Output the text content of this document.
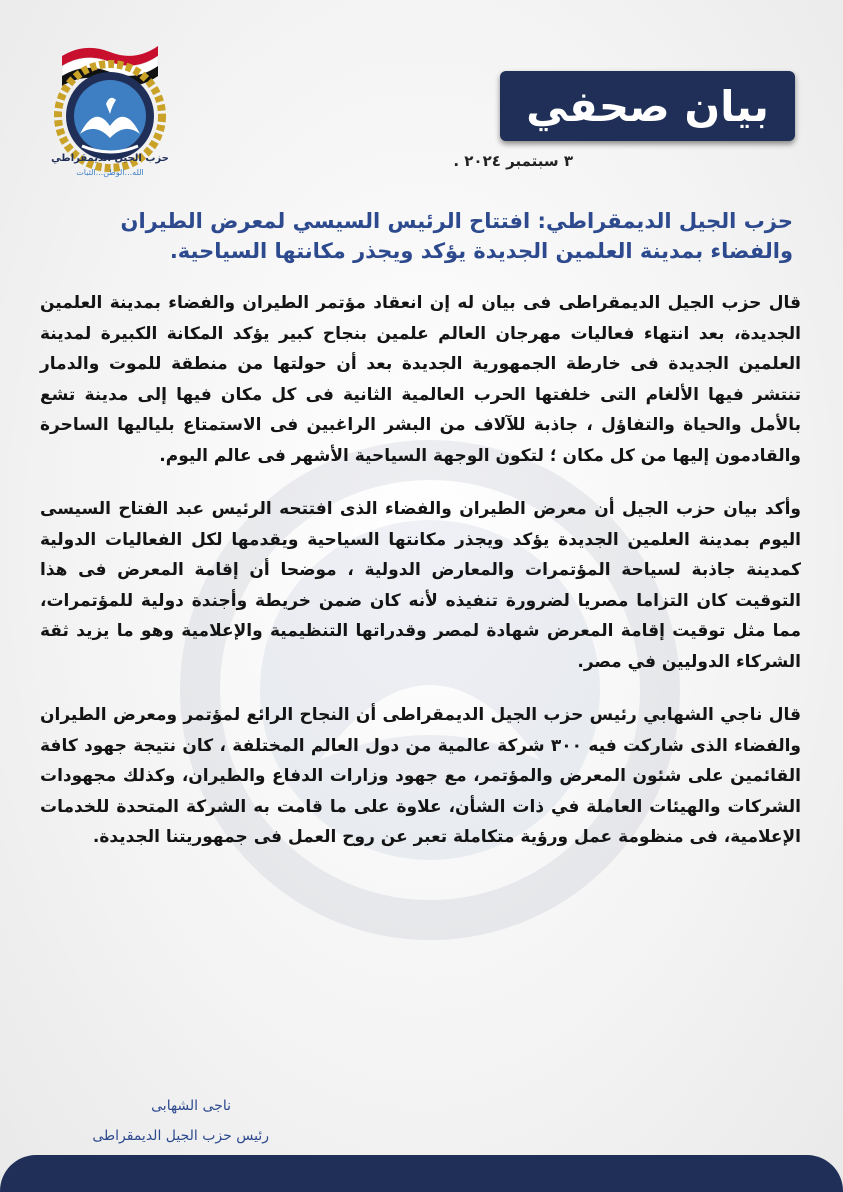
حزب الجيل الديمقراطي
الله...الوطن...الثبات
بيان صحفي
٣ سبتمبر ٢٠٢٤ .
حزب الجيل الديمقراطي: افتتاح الرئيس السيسي لمعرض الطيران والفضاء بمدينة العلمين الجديدة يؤكد ويجذر مكانتها السياحية.

قال حزب الجيل الديمقراطى فى بيان له إن انعقاد مؤتمر الطيران والفضاء بمدينة العلمين الجديدة، بعد انتهاء فعاليات مهرجان العالم علمين بنجاح كبير يؤكد المكانة الكبيرة لمدينة العلمين الجديدة فى خارطة الجمهورية الجديدة بعد أن حولتها من منطقة للموت والدمار تنتشر فيها الألغام التى خلفتها الحرب العالمية الثانية فى كل مكان فيها إلى مدينة تشع بالأمل والحياة والتفاؤل ، جاذبة للآلاف من البشر الراغبين فى الاستمتاع بلياليها الساحرة والقادمون إليها من كل مكان ؛ لتكون الوجهة السياحية الأشهر فى عالم اليوم.

وأكد بيان حزب الجيل أن معرض الطيران والفضاء الذى افتتحه الرئيس عبد الفتاح السيسى اليوم بمدينة العلمين الجديدة يؤكد ويجذر مكانتها السياحية ويقدمها لكل الفعاليات الدولية كمدينة جاذبة لسياحة المؤتمرات والمعارض الدولية ، موضحا أن إقامة المعرض فى هذا التوقيت كان التزاما مصريا لضرورة تنفيذه لأنه كان ضمن خريطة وأجندة دولية للمؤتمرات، مما مثل توقيت إقامة المعرض شهادة لمصر وقدراتها التنظيمية والإعلامية وهو ما يزيد ثقة الشركاء الدوليين في مصر.

قال ناجي الشهابي رئيس حزب الجيل الديمقراطى أن النجاح الرائع لمؤتمر ومعرض الطيران والفضاء الذى شاركت فيه ٣٠٠ شركة عالمية من دول العالم المختلفة ، كان نتيجة جهود كافة القائمين على شئون المعرض والمؤتمر، مع جهود وزارات الدفاع والطيران، وكذلك مجهودات الشركات والهيئات العاملة في ذات الشأن، علاوة على ما قامت به الشركة المتحدة للخدمات الإعلامية، فى منظومة عمل ورؤية متكاملة تعبر عن روح العمل فى جمهوريتنا الجديدة.

ناجى الشهابى
رئيس حزب الجيل الديمقراطى
